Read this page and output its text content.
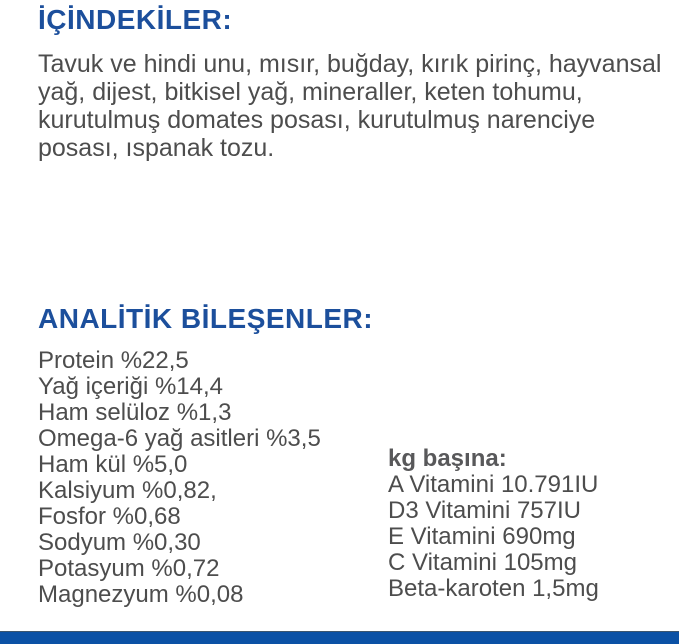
İÇİNDEKİLER:

Tavuk ve hindi unu, mısır, buğday, kırık pirinç, hayvansal yağ, dijest, bitkisel yağ, mineraller, keten tohumu, kurutulmuş domates posası, kurutulmuş narenciye posası, ıspanak tozu.

ANALİTİK BİLEŞENLER:
Protein %22,5
Yağ içeriği %14,4
Ham selüloz %1,3
Omega-6 yağ asitleri %3,5
Ham kül %5,0
Kalsiyum %0,82,
Fosfor %0,68
Sodyum %0,30
Potasyum %0,72
Magnezyum %0,08
kg başına:
A Vitamini 10.791IU
D3 Vitamini 757IU
E Vitamini 690mg
C Vitamini 105mg
Beta-karoten 1,5mg
